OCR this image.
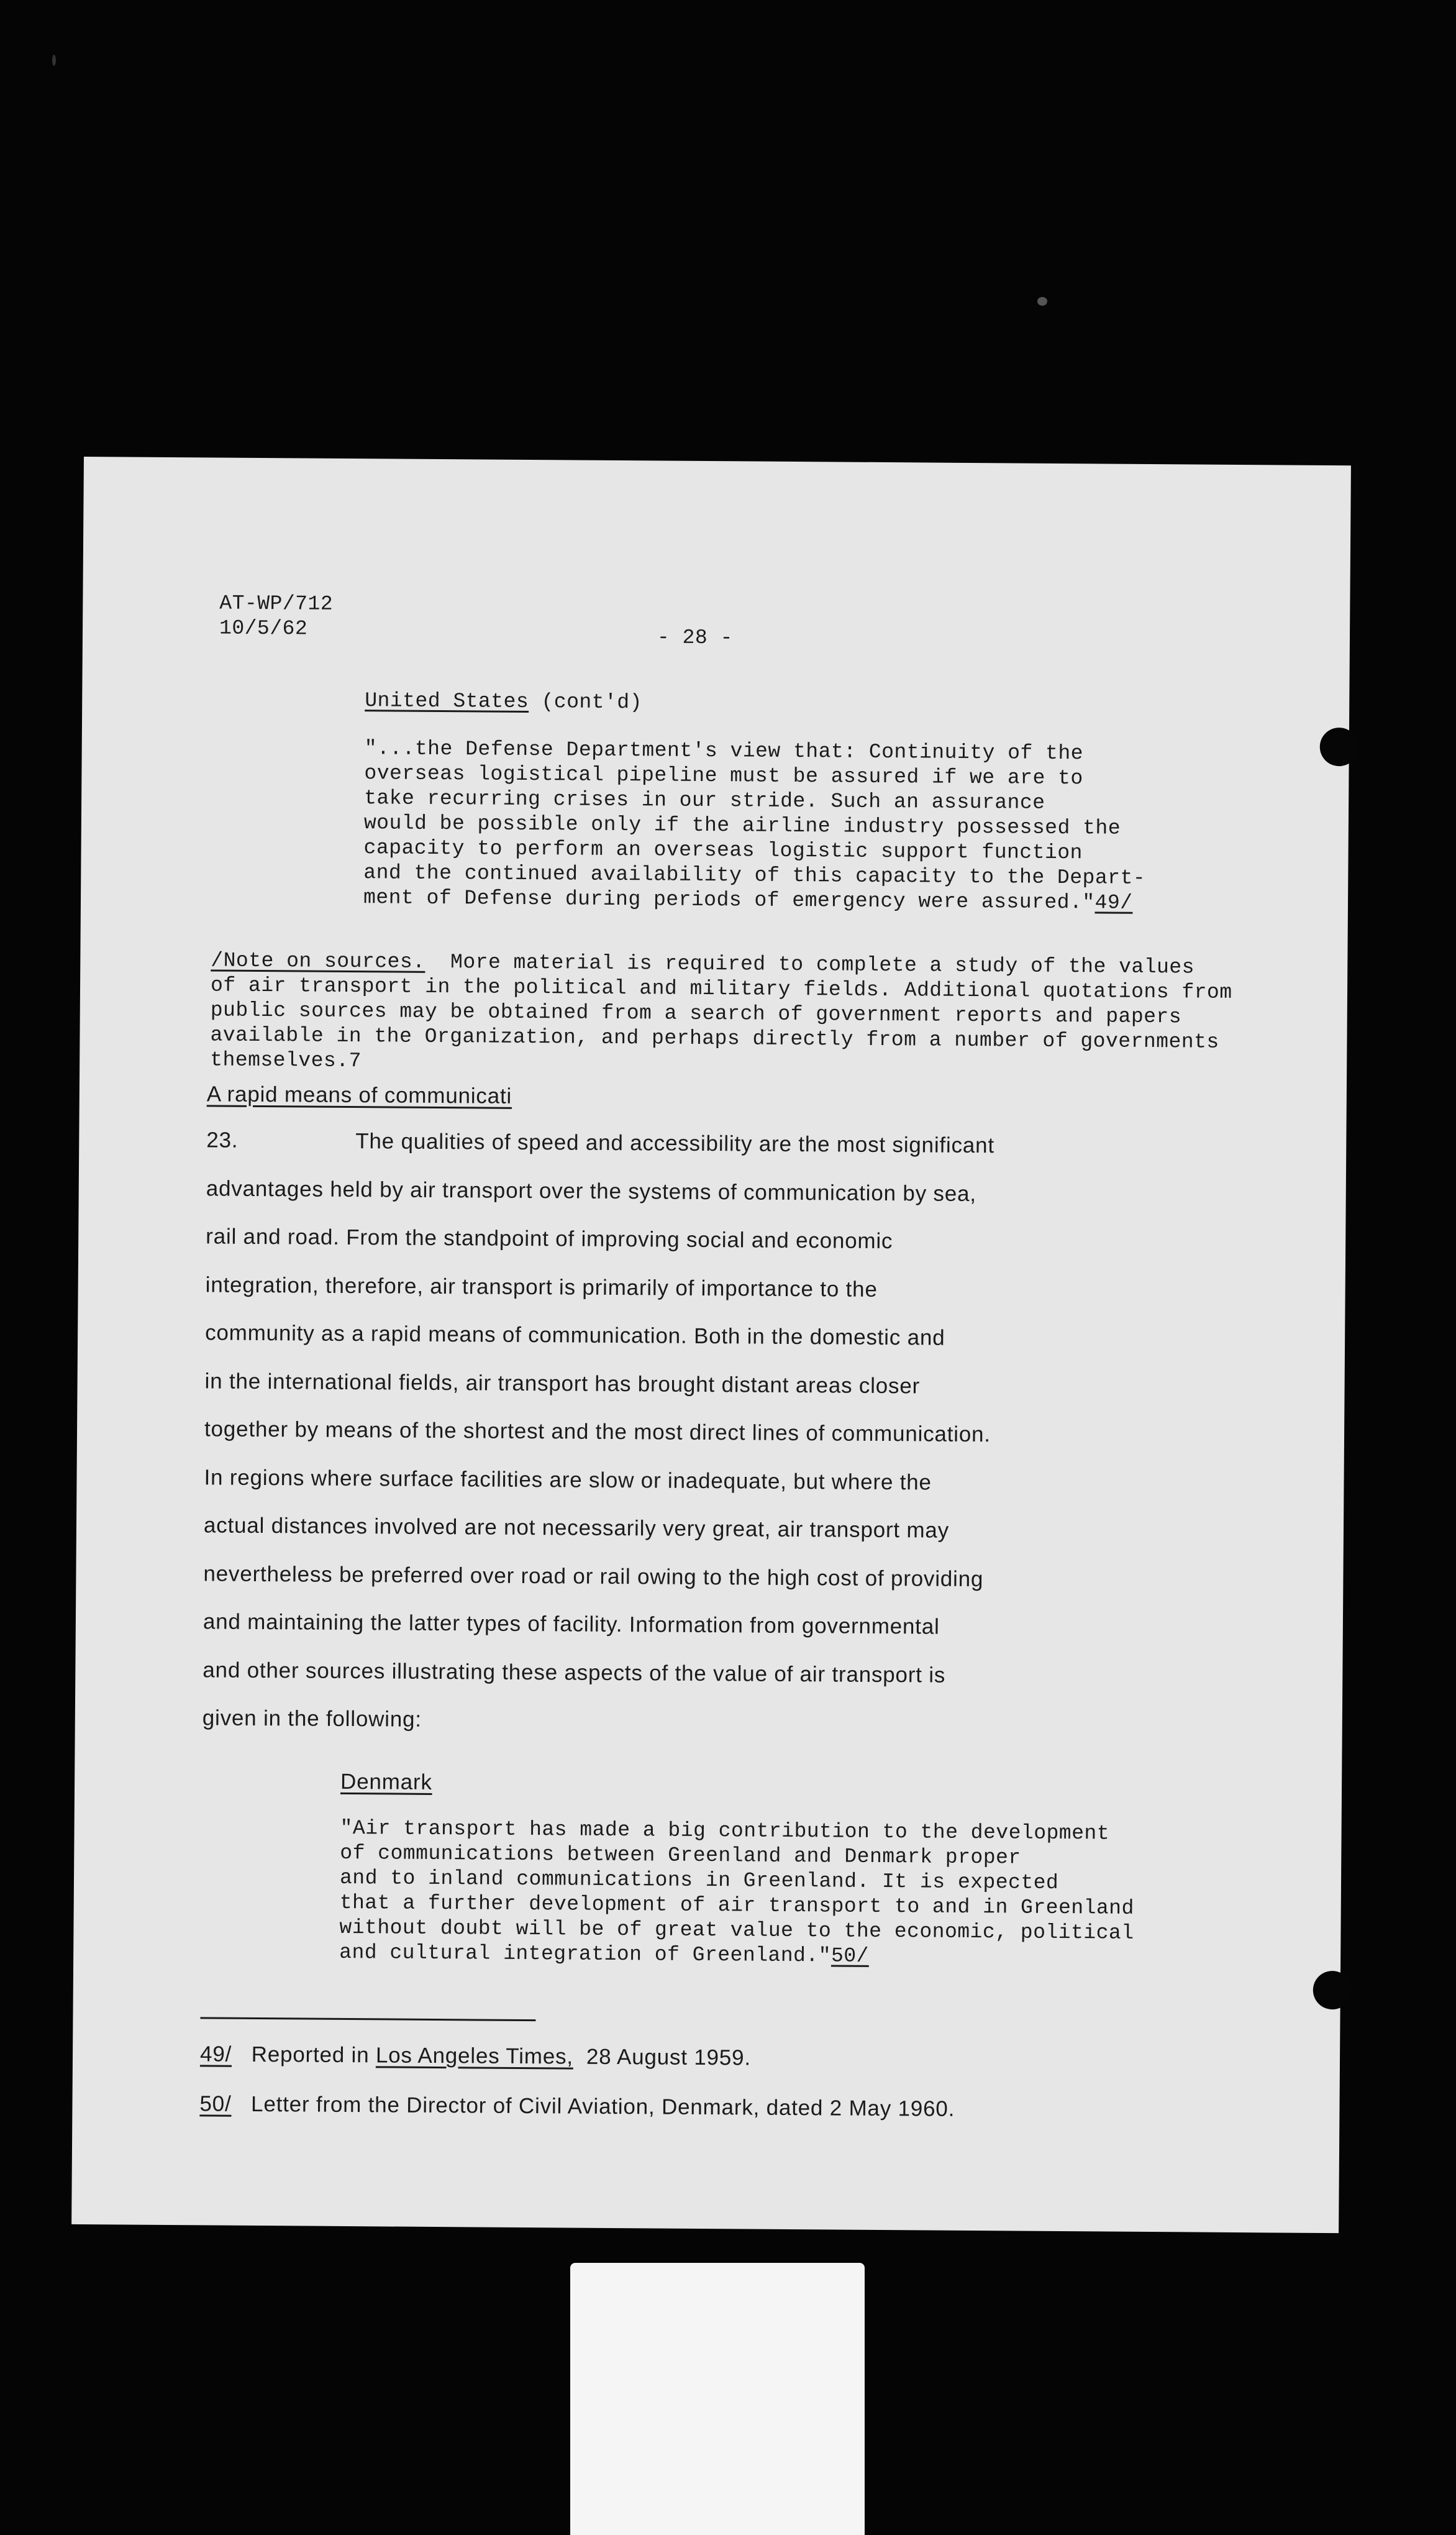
AT-WP/712
10/5/62	- 28 -
United States (cont'd)

"...the Defense Department's view that: Continuity of the

overseas logistical pipeline must be assured if we are to

take recurring crises in our stride. Such an assurance

would be possible only if the airline industry possessed the

capacity to perform an overseas logistic support function

and the continued availability of this capacity to the Depart-

ment of Defense during periods of emergency were assured."49/

/Note on sources. More material is required to complete a study of the values

of air transport in the political and military fields. Additional quotations from

public sources may be obtained from a search of government reports and papers

available in the Organization, and perhaps directly from a number of governments

themselves.7

A rapid means of communicati

23.	The qualities of speed and accessibility are the most significant

advantages held by air transport over the systems of communication by sea,

rail and road. From the standpoint of improving social and economic

integration, therefore, air transport is primarily of importance to the

community as a rapid means of communication. Both in the domestic and

in the international fields, air transport has brought distant areas closer

together by means of the shortest and the most direct lines of communication.

In regions where surface facilities are slow or inadequate, but where the

actual distances involved are not necessarily very great, air transport may

nevertheless be preferred over road or rail owing to the high cost of providing

and maintaining the latter types of facility. Information from governmental

and other sources illustrating these aspects of the value of air transport is

given in the following:

Denmark

"Air transport has made a big contribution to the development

of communications between Greenland and Denmark proper

and to inland communications in Greenland. It is expected

that a further development of air transport to and in Greenland

without doubt will be of great value to the economic, political

and cultural integration of Greenland."50/

49/ Reported in Los Angeles Times, 28 August 1959.
50/ Letter from the Director of Civil Aviation, Denmark, dated 2 May 1960.
